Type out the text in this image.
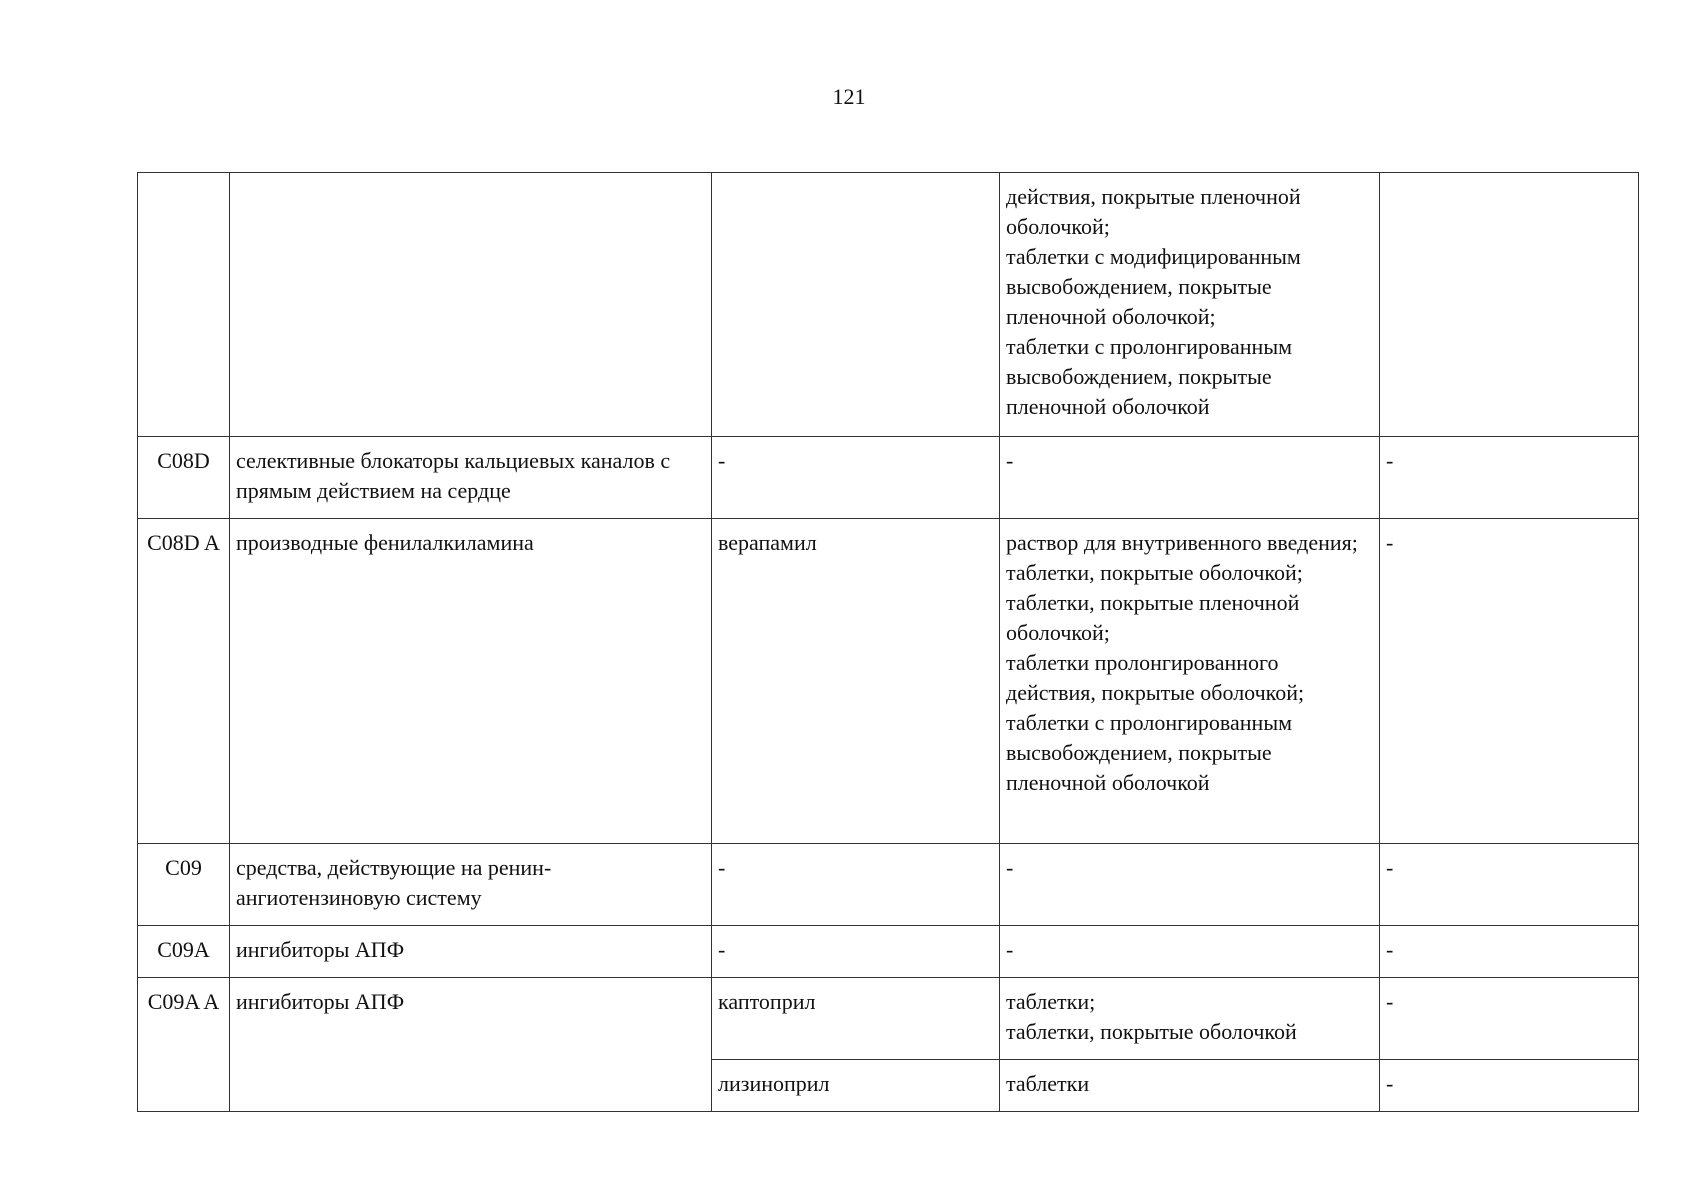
121

			действия, покрытые пленочной оболочкой;
таблетки с модифицированным высвобождением, покрытые пленочной оболочкой;
таблетки с пролонгированным высвобождением, покрытые пленочной оболочкой	

C08D	селективные блокаторы кальциевых каналов с прямым действием на сердце	-	-	-
C08D A	производные фенилалкиламина	верапамил	раствор для внутривенного введения;
таблетки, покрытые оболочкой;
таблетки, покрытые пленочной оболочкой;
таблетки пролонгированного действия, покрытые оболочкой;
таблетки с пролонгированным высвобождением, покрытые пленочной оболочкой	-
C09	средства, действующие на ренин-ангиотензиновую систему	-	-	-
C09A	ингибиторы АПФ	-	-	-
C09A A	ингибиторы АПФ	каптоприл	таблетки;
таблетки, покрытые оболочкой	-
		лизиноприл	таблетки	-
